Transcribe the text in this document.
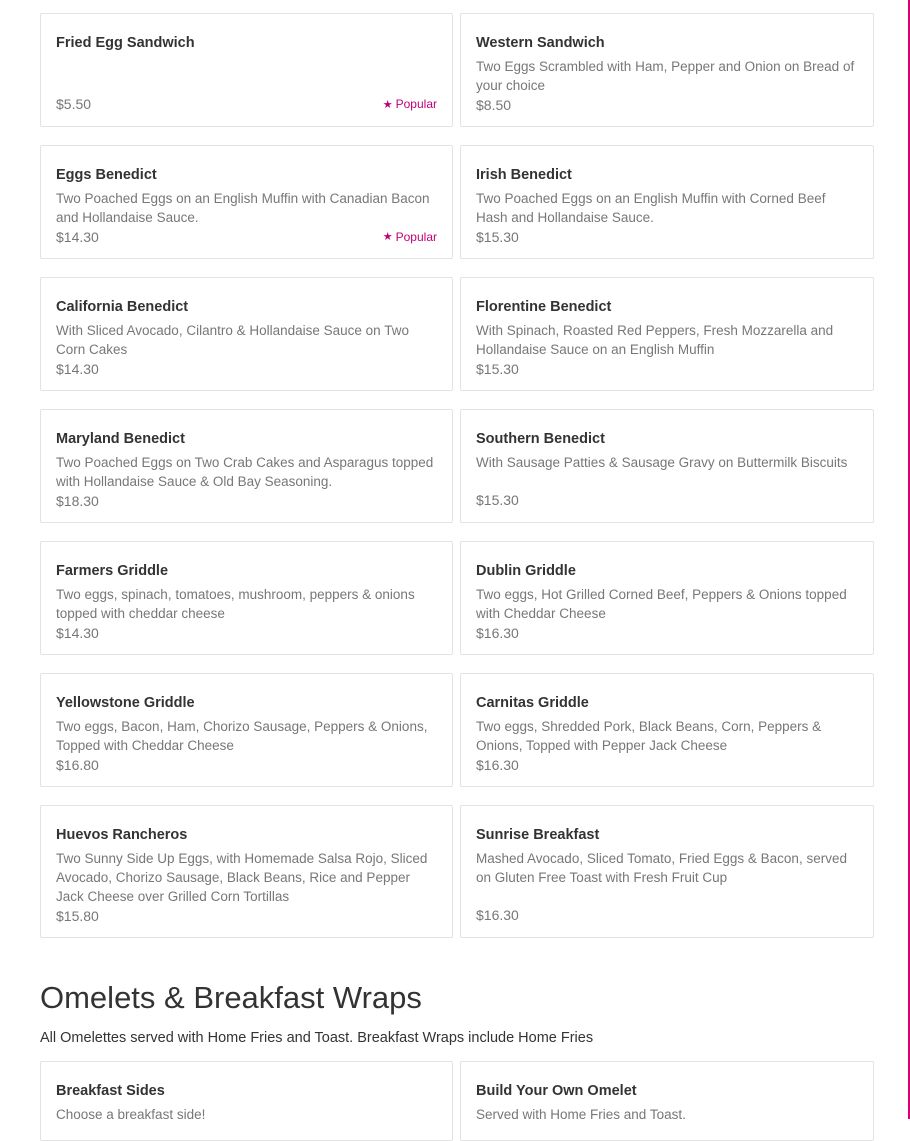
Fried Egg Sandwich
$5.50	★ Popular
Western Sandwich
Two Eggs Scrambled with Ham, Pepper and Onion on Bread of your choice
$8.50
Eggs Benedict
Two Poached Eggs on an English Muffin with Canadian Bacon and Hollandaise Sauce.
$14.30	★ Popular
Irish Benedict
Two Poached Eggs on an English Muffin with Corned Beef Hash and Hollandaise Sauce.
$15.30
California Benedict
With Sliced Avocado, Cilantro & Hollandaise Sauce on Two Corn Cakes
$14.30
Florentine Benedict
With Spinach, Roasted Red Peppers, Fresh Mozzarella and Hollandaise Sauce on an English Muffin
$15.30
Maryland Benedict
Two Poached Eggs on Two Crab Cakes and Asparagus topped with Hollandaise Sauce & Old Bay Seasoning.
$18.30
Southern Benedict
With Sausage Patties & Sausage Gravy on Buttermilk Biscuits
$15.30
Farmers Griddle
Two eggs, spinach, tomatoes, mushroom, peppers & onions topped with cheddar cheese
$14.30
Dublin Griddle
Two eggs, Hot Grilled Corned Beef, Peppers & Onions topped with Cheddar Cheese
$16.30
Yellowstone Griddle
Two eggs, Bacon, Ham, Chorizo Sausage, Peppers & Onions, Topped with Cheddar Cheese
$16.80
Carnitas Griddle
Two eggs, Shredded Pork, Black Beans, Corn, Peppers & Onions, Topped with Pepper Jack Cheese
$16.30
Huevos Rancheros
Two Sunny Side Up Eggs, with Homemade Salsa Rojo, Sliced Avocado, Chorizo Sausage, Black Beans, Rice and Pepper Jack Cheese over Grilled Corn Tortillas
$15.80
Sunrise Breakfast
Mashed Avocado, Sliced Tomato, Fried Eggs & Bacon, served on Gluten Free Toast with Fresh Fruit Cup
$16.30
Omelets & Breakfast Wraps
All Omelettes served with Home Fries and Toast. Breakfast Wraps include Home Fries
Breakfast Sides
Choose a breakfast side!
Build Your Own Omelet
Served with Home Fries and Toast.
